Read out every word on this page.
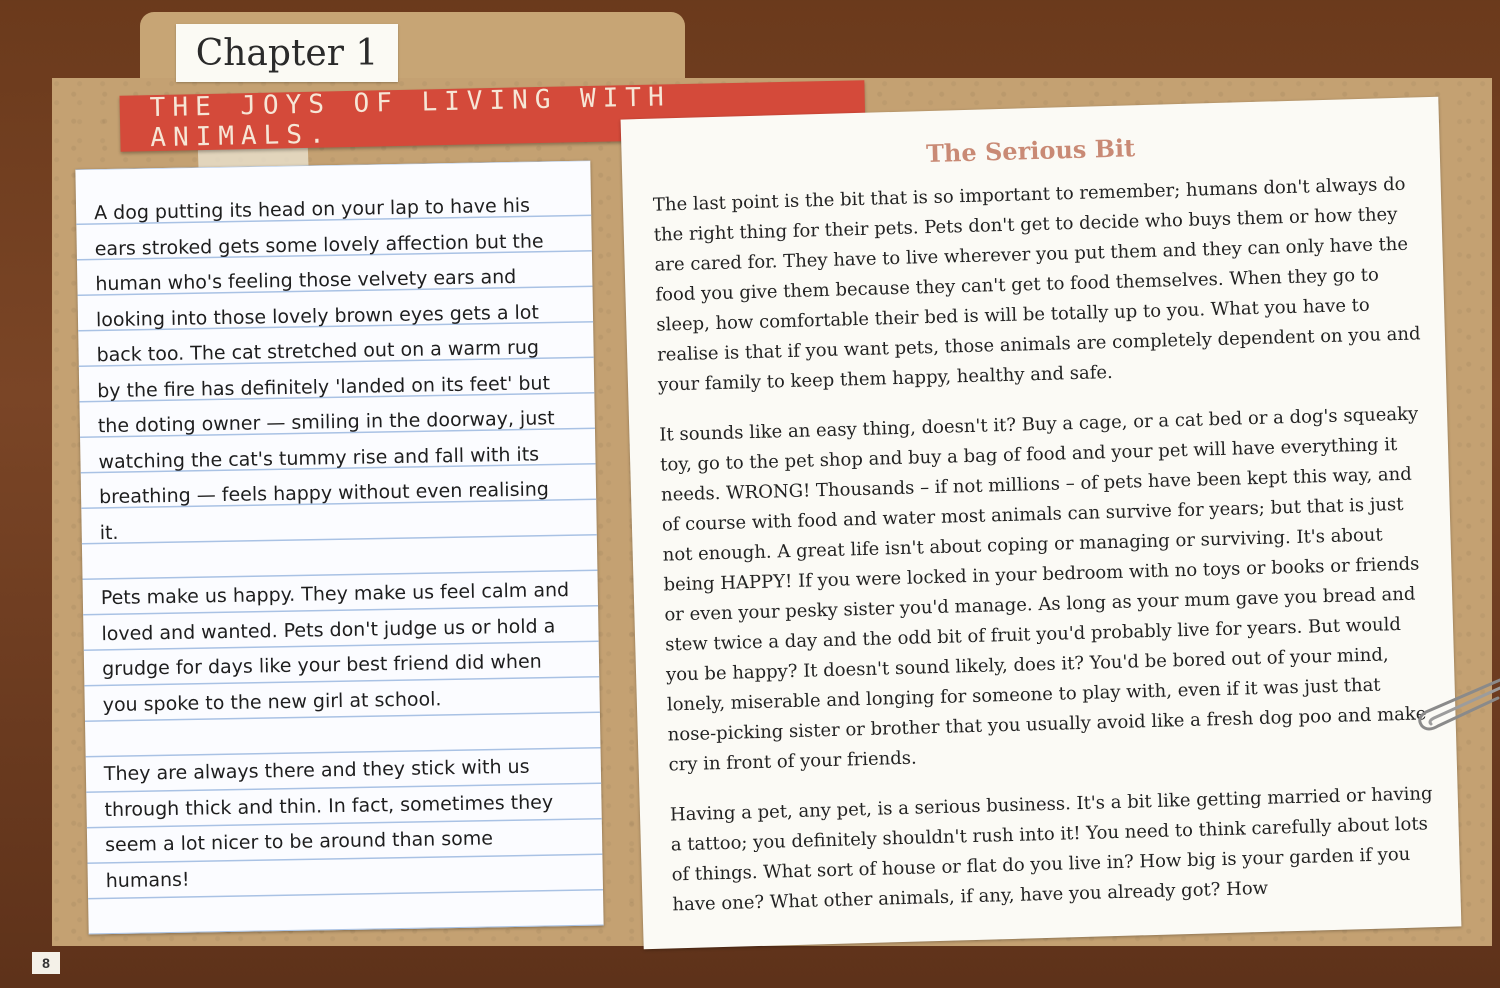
Chapter 1
THE JOYS OF LIVING WITH ANIMALS.

A dog putting its head on your lap to have his ears stroked gets some lovely affection but the human who's feeling those velvety ears and looking into those lovely brown eyes gets a lot back too. The cat stretched out on a warm rug by the fire has definitely 'landed on its feet' but the doting owner — smiling in the doorway, just watching the cat's tummy rise and fall with its breathing — feels happy without even realising it.

Pets make us happy. They make us feel calm and loved and wanted. Pets don't judge us or hold a grudge for days like your best friend did when you spoke to the new girl at school.

They are always there and they stick with us through thick and thin. In fact, sometimes they seem a lot nicer to be around than some humans!

The Serious Bit

The last point is the bit that is so important to remember; humans don't always do the right thing for their pets. Pets don't get to decide who buys them or how they are cared for. They have to live wherever you put them and they can only have the food you give them because they can't get to food themselves. When they go to sleep, how comfortable their bed is will be totally up to you. What you have to realise is that if you want pets, those animals are completely dependent on you and your family to keep them happy, healthy and safe.

It sounds like an easy thing, doesn't it? Buy a cage, or a cat bed or a dog's squeaky toy, go to the pet shop and buy a bag of food and your pet will have everything it needs. WRONG! Thousands – if not millions – of pets have been kept this way, and of course with food and water most animals can survive for years; but that is just not enough. A great life isn't about coping or managing or surviving. It's about being HAPPY! If you were locked in your bedroom with no toys or books or friends or even your pesky sister you'd manage. As long as your mum gave you bread and stew twice a day and the odd bit of fruit you'd probably live for years. But would you be happy? It doesn't sound likely, does it? You'd be bored out of your mind, lonely, miserable and longing for someone to play with, even if it was just that nose-picking sister or brother that you usually avoid like a fresh dog poo and make cry in front of your friends.

Having a pet, any pet, is a serious business. It's a bit like getting married or having a tattoo; you definitely shouldn't rush into it! You need to think carefully about lots of things. What sort of house or flat do you live in? How big is your garden if you have one? What other animals, if any, have you already got? How

8
